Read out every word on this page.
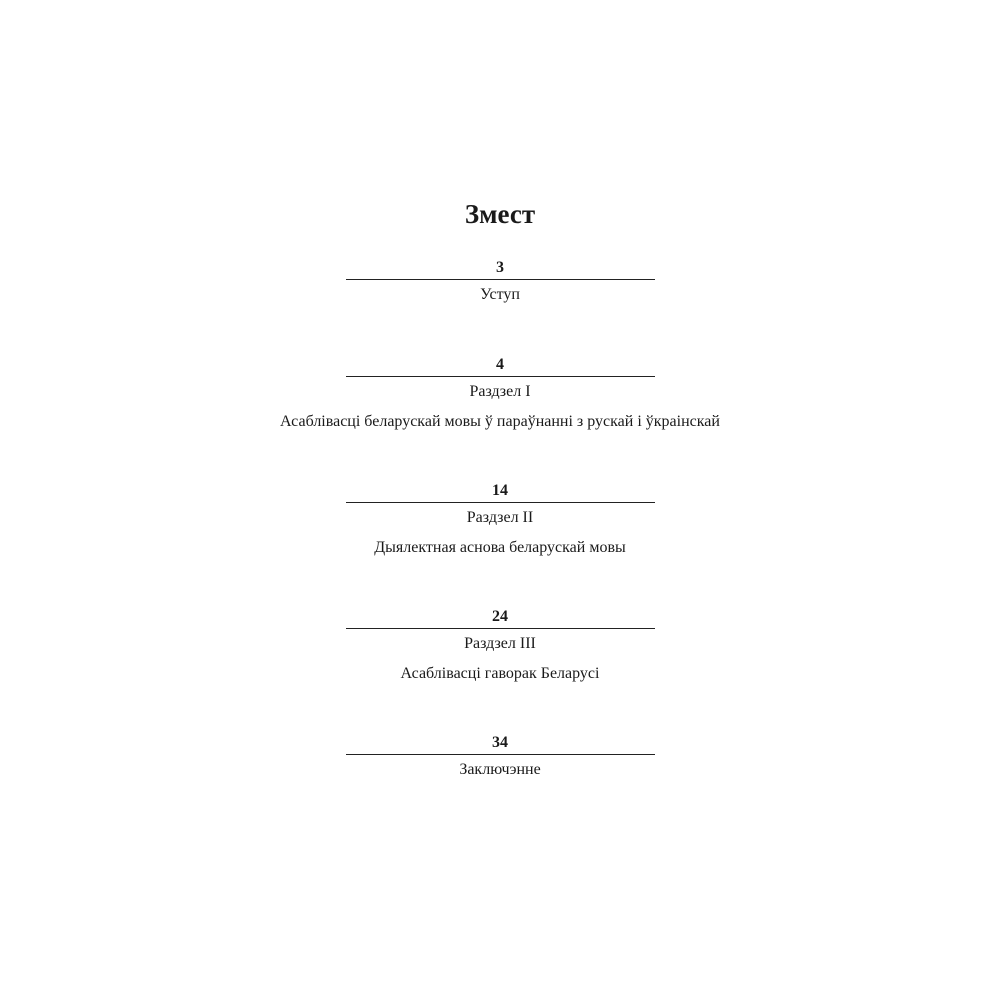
Змест
3
Уступ
4
Раздзел I
Асаблівасці беларускай мовы ў параўнанні з рускай і ўкраінскай
14
Раздзел II
Дыялектная аснова беларускай мовы
24
Раздзел III
Асаблівасці гаворак Беларусі
34
Заключэнне
